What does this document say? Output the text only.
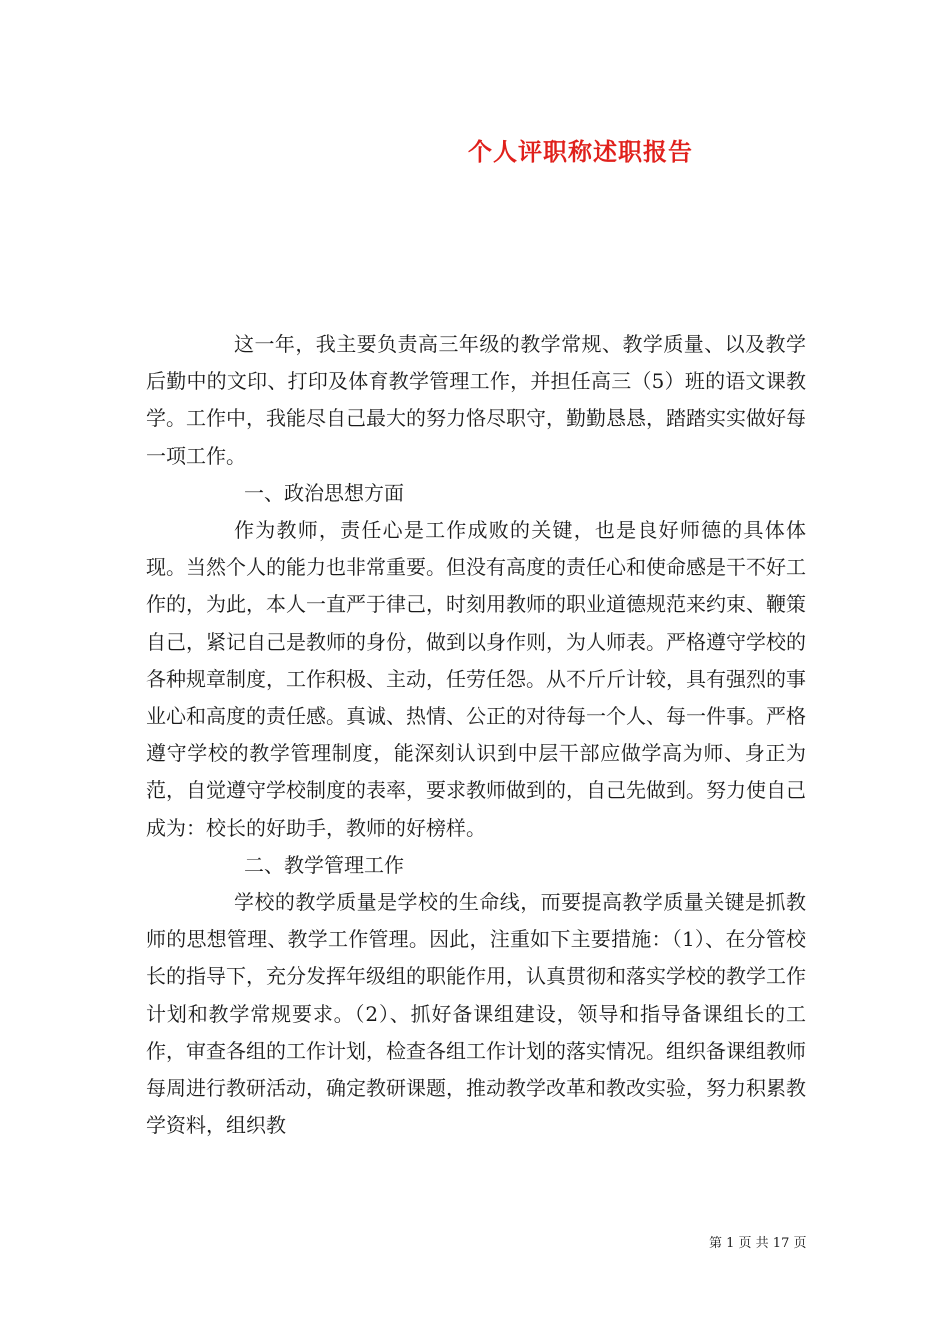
个人评职称述职报告

这一年，我主要负责高三年级的教学常规、教学质量、以及教学后勤中的文印、打印及体育教学管理工作，并担任高三（5）班的语文课教学。工作中，我能尽自己最大的努力恪尽职守，勤勤恳恳，踏踏实实做好每一项工作。

一、政治思想方面

作为教师，责任心是工作成败的关键，也是良好师德的具体体现。当然个人的能力也非常重要。但没有高度的责任心和使命感是干不好工作的，为此，本人一直严于律己，时刻用教师的职业道德规范来约束、鞭策自己，紧记自己是教师的身份，做到以身作则，为人师表。严格遵守学校的各种规章制度，工作积极、主动，任劳任怨。从不斤斤计较，具有强烈的事业心和高度的责任感。真诚、热情、公正的对待每一个人、每一件事。严格遵守学校的教学管理制度，能深刻认识到中层干部应做学高为师、身正为范，自觉遵守学校制度的表率，要求教师做到的，自己先做到。努力使自己成为：校长的好助手，教师的好榜样。

二、教学管理工作

学校的教学质量是学校的生命线，而要提高教学质量关键是抓教师的思想管理、教学工作管理。因此，注重如下主要措施：（1）、在分管校长的指导下，充分发挥年级组的职能作用，认真贯彻和落实学校的教学工作计划和教学常规要求。（2）、抓好备课组建设，领导和指导备课组长的工作，审查各组的工作计划，检查各组工作计划的落实情况。组织备课组教师每周进行教研活动，确定教研课题，推动教学改革和教改实验，努力积累教学资料，组织教

第 1 页 共 17 页
